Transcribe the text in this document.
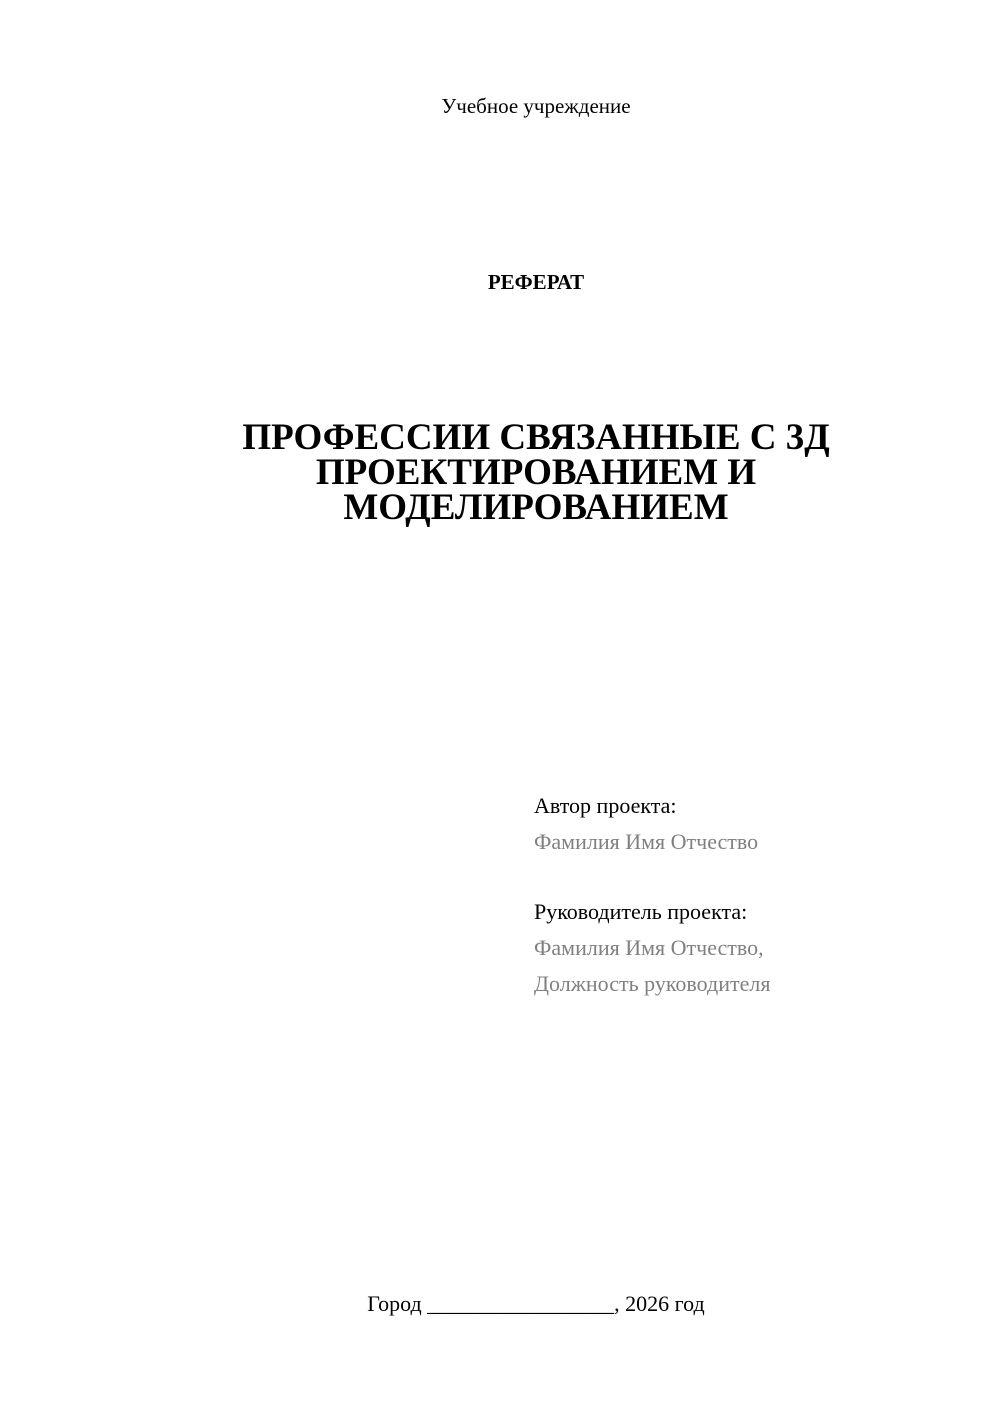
Учебное учреждение
РЕФЕРАТ
ПРОФЕССИИ СВЯЗАННЫЕ С 3Д
ПРОЕКТИРОВАНИЕМ И
МОДЕЛИРОВАНИЕМ
Автор проекта:
Фамилия Имя Отчество
Руководитель проекта:
Фамилия Имя Отчество,
Должность руководителя
Город _________________, 2026 год
